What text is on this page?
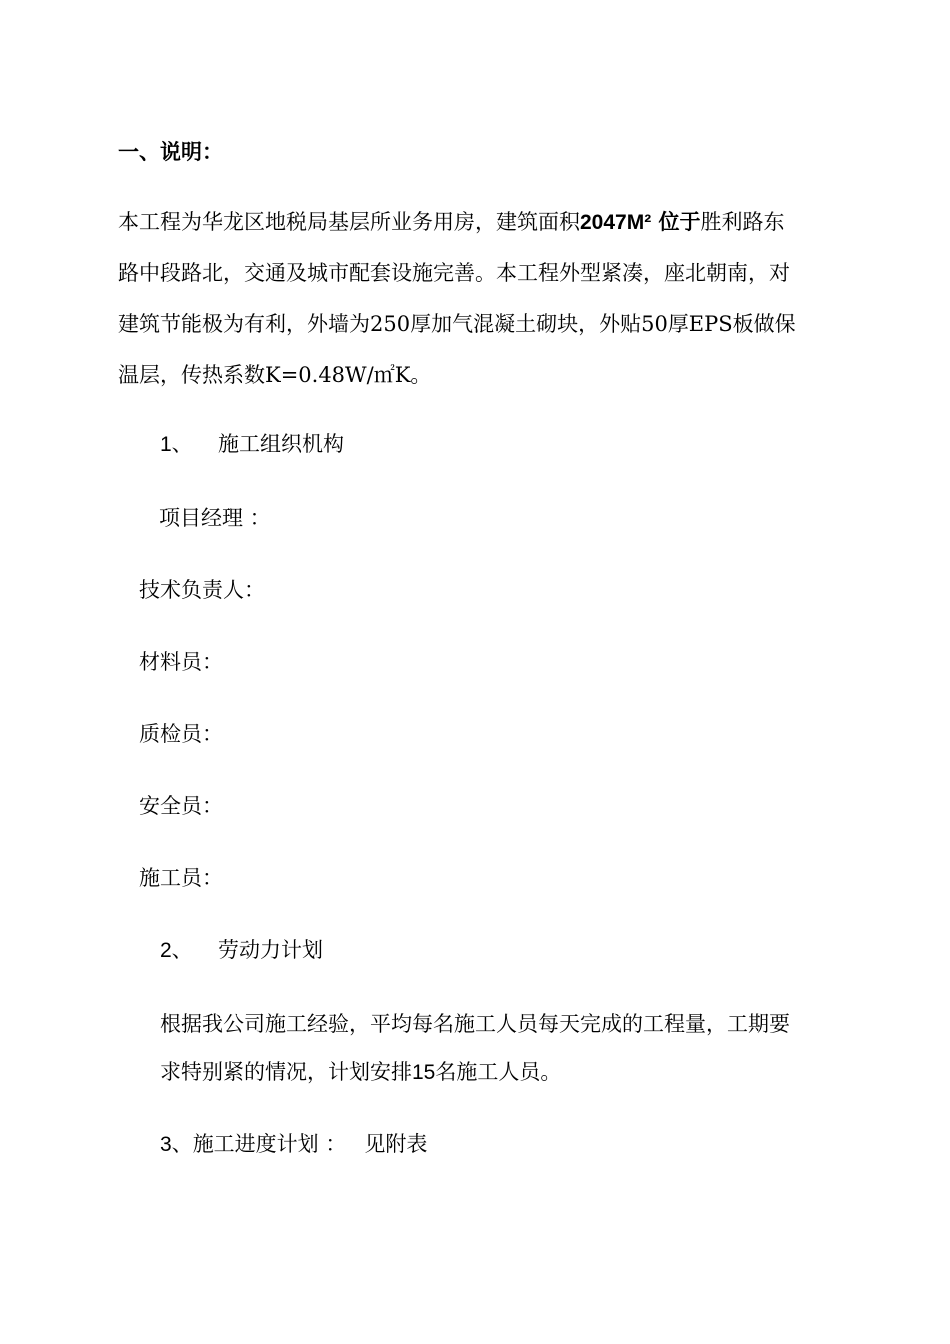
一、说明：
本工程为华龙区地税局基层所业务用房，建筑面积2047M² 位于胜利路东
路中段路北，交通及城市配套设施完善。本工程外型紧凑，座北朝南，对
建筑节能极为有利，外墙为250厚加气混凝土砌块，外贴50厚EPS板做保
温层，传热系数K=0.48W/㎡K。
1、 施工组织机构
项目经理 ：
技术负责人：
材料员：
质检员：
安全员：
施工员：
2、 劳动力计划
根据我公司施工经验，平均每名施工人员每天完成的工程量，工期要
求特别紧的情况，计划安排15名施工人员。
3、施工进度计划 ： 见附表
